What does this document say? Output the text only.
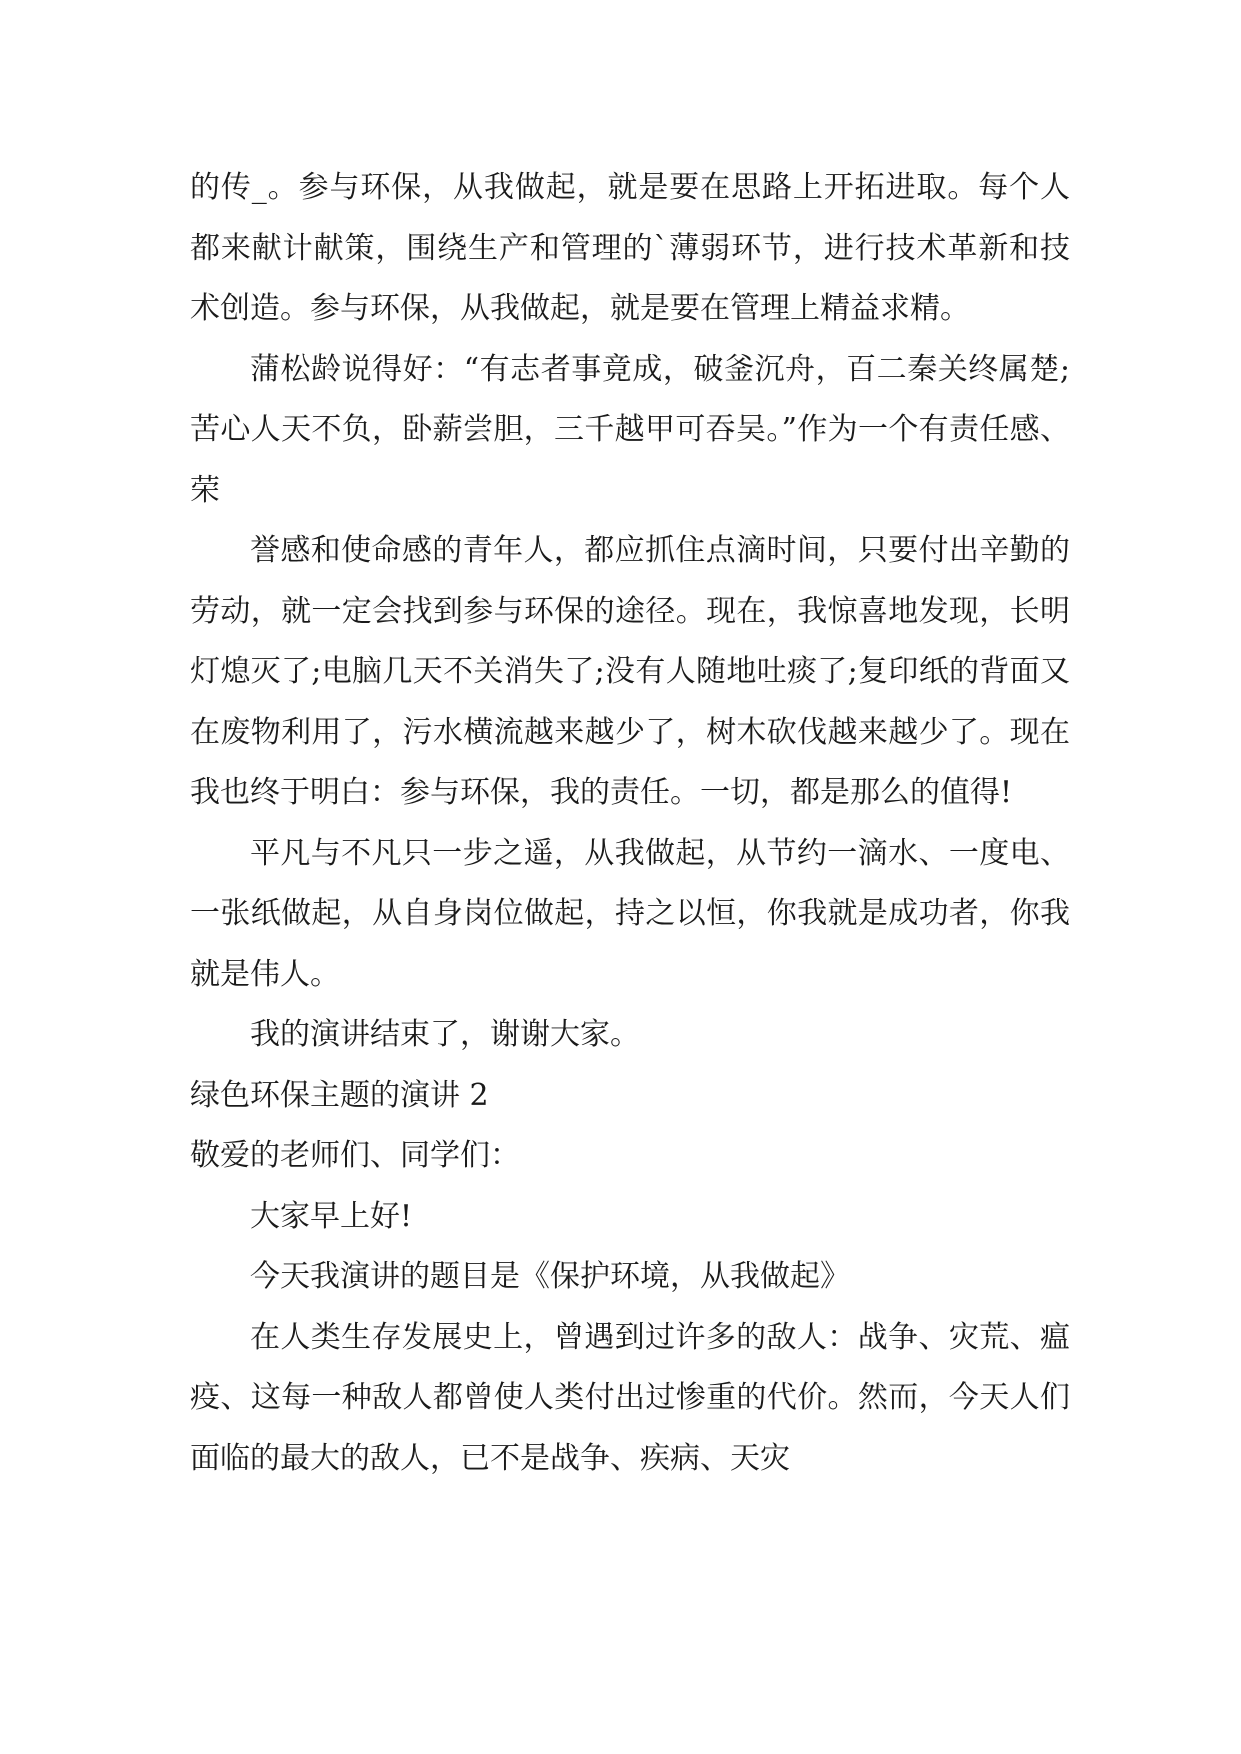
的传_。参与环保，从我做起，就是要在思路上开拓进取。每个人都来献计献策，围绕生产和管理的`薄弱环节，进行技术革新和技术创造。参与环保，从我做起，就是要在管理上精益求精。

蒲松龄说得好：“有志者事竟成，破釜沉舟，百二秦关终属楚;苦心人天不负，卧薪尝胆，三千越甲可吞吴。”作为一个有责任感、荣

誉感和使命感的青年人，都应抓住点滴时间，只要付出辛勤的劳动，就一定会找到参与环保的途径。现在，我惊喜地发现，长明灯熄灭了;电脑几天不关消失了;没有人随地吐痰了;复印纸的背面又在废物利用了，污水横流越来越少了，树木砍伐越来越少了。现在我也终于明白：参与环保，我的责任。一切，都是那么的值得!

平凡与不凡只一步之遥，从我做起，从节约一滴水、一度电、一张纸做起，从自身岗位做起，持之以恒，你我就是成功者，你我就是伟人。

我的演讲结束了，谢谢大家。

绿色环保主题的演讲 2

敬爱的老师们、同学们：

大家早上好!

今天我演讲的题目是《保护环境，从我做起》

在人类生存发展史上，曾遇到过许多的敌人：战争、灾荒、瘟疫、这每一种敌人都曾使人类付出过惨重的代价。然而，今天人们面临的最大的敌人，已不是战争、疾病、天灾
